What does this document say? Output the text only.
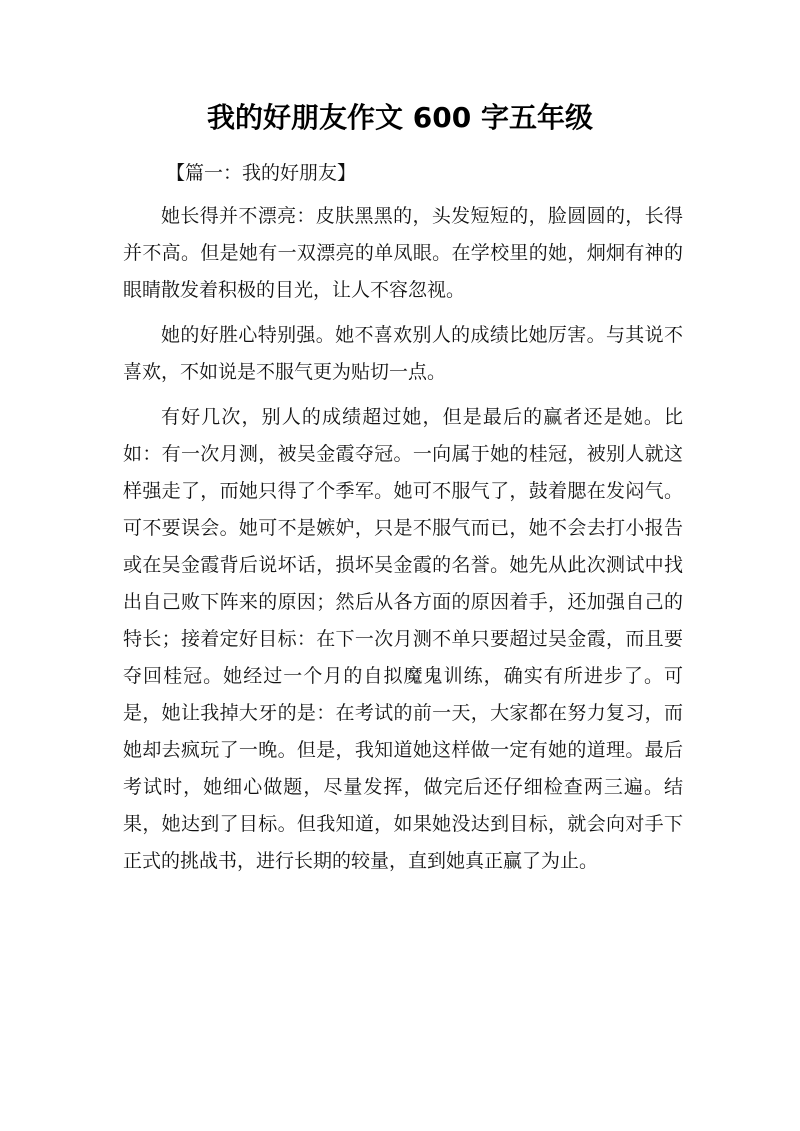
我的好朋友作文 600 字五年级
【篇一：我的好朋友】

她长得并不漂亮：皮肤黑黑的，头发短短的，脸圆圆的，长得并不高。但是她有一双漂亮的单凤眼。在学校里的她，炯炯有神的眼睛散发着积极的目光，让人不容忽视。

她的好胜心特别强。她不喜欢别人的成绩比她厉害。与其说不喜欢，不如说是不服气更为贴切一点。

有好几次，别人的成绩超过她，但是最后的赢者还是她。比如：有一次月测，被吴金霞夺冠。一向属于她的桂冠，被别人就这样强走了，而她只得了个季军。她可不服气了，鼓着腮在发闷气。可不要误会。她可不是嫉妒，只是不服气而已，她不会去打小报告或在吴金霞背后说坏话，损坏吴金霞的名誉。她先从此次测试中找出自己败下阵来的原因；然后从各方面的原因着手，还加强自己的特长；接着定好目标：在下一次月测不单只要超过吴金霞，而且要夺回桂冠。她经过一个月的自拟魔鬼训练，确实有所进步了。可是，她让我掉大牙的是：在考试的前一天，大家都在努力复习，而她却去疯玩了一晚。但是，我知道她这样做一定有她的道理。最后考试时，她细心做题，尽量发挥，做完后还仔细检查两三遍。结果，她达到了目标。但我知道，如果她没达到目标，就会向对手下正式的挑战书，进行长期的较量，直到她真正赢了为止。
